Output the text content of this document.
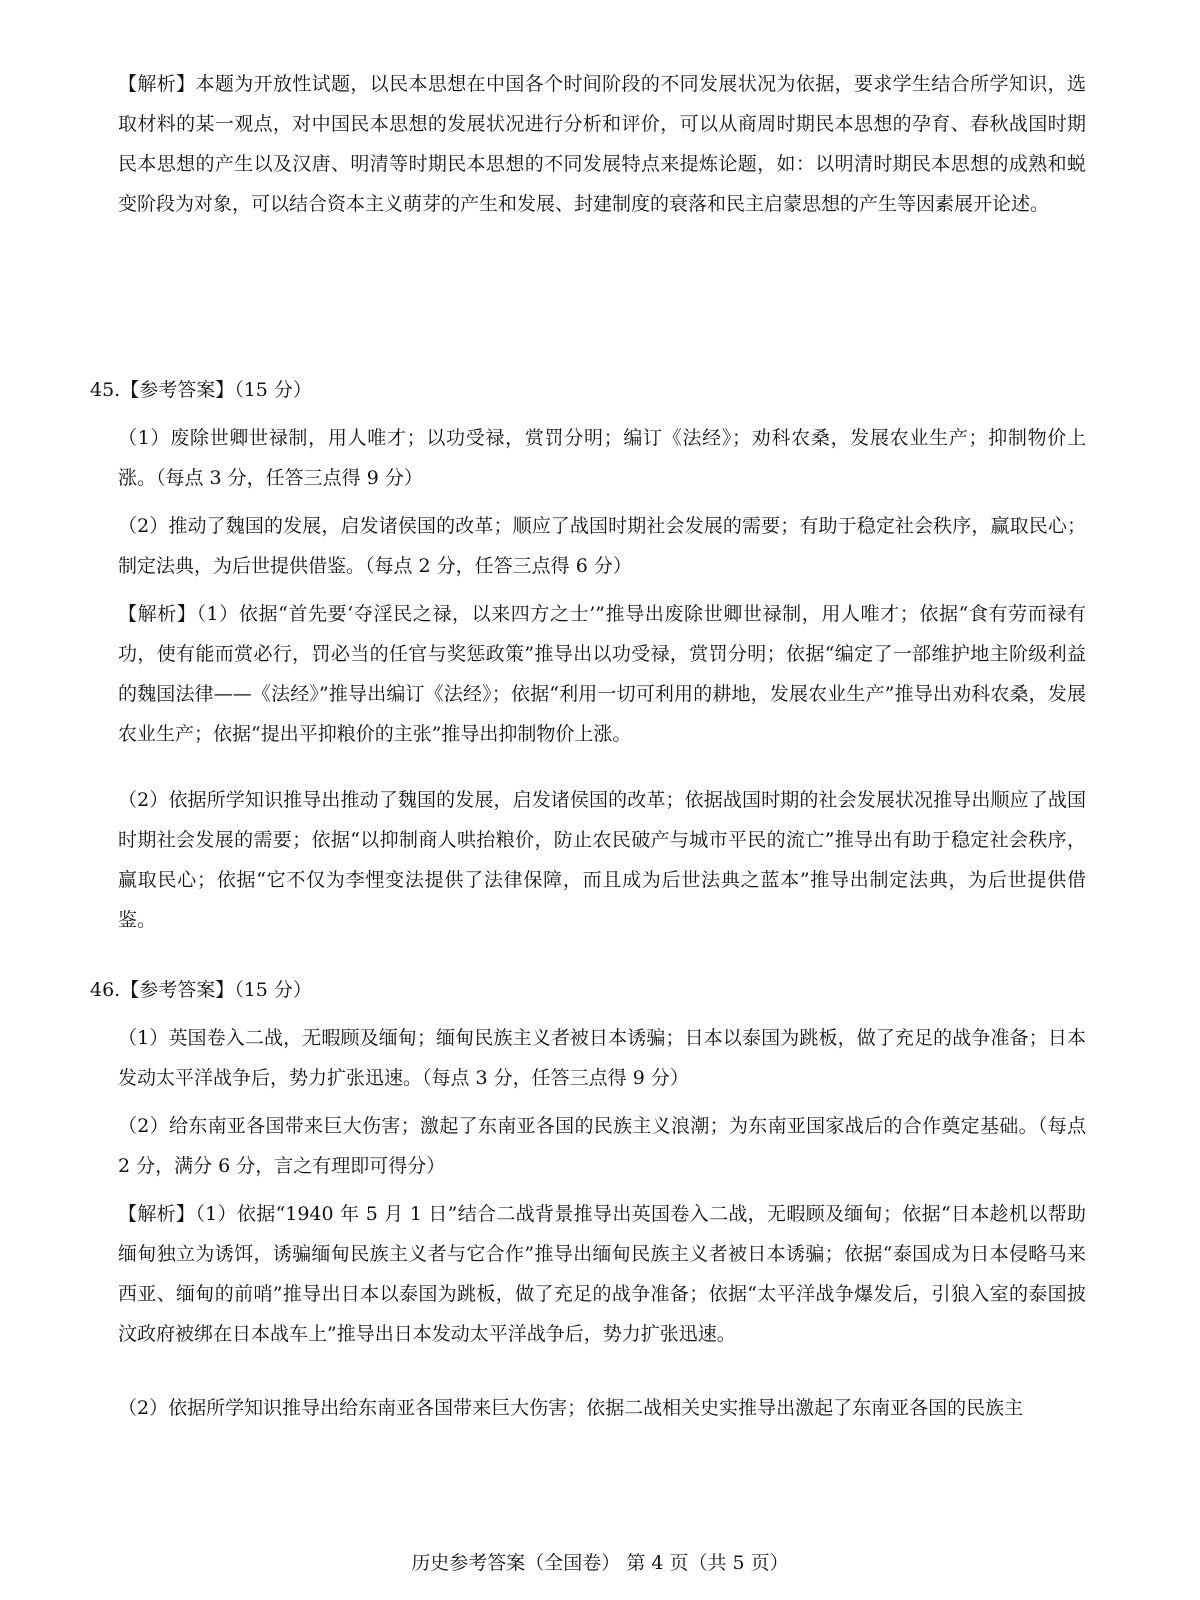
【解析】本题为开放性试题，以民本思想在中国各个时间阶段的不同发展状况为依据，要求学生结合所学知识，选取材料的某一观点，对中国民本思想的发展状况进行分析和评价，可以从商周时期民本思想的孕育、春秋战国时期民本思想的产生以及汉唐、明清等时期民本思想的不同发展特点来提炼论题，如：以明清时期民本思想的成熟和蜕变阶段为对象，可以结合资本主义萌芽的产生和发展、封建制度的衰落和民主启蒙思想的产生等因素展开论述。
45.【参考答案】（15 分）
（1）废除世卿世禄制，用人唯才；以功受禄，赏罚分明；编订《法经》；劝科农桑，发展农业生产；抑制物价上涨。（每点 3 分，任答三点得 9 分）
（2）推动了魏国的发展，启发诸侯国的改革；顺应了战国时期社会发展的需要；有助于稳定社会秩序，赢取民心；制定法典，为后世提供借鉴。（每点 2 分，任答三点得 6 分）
【解析】（1）依据“首先要‘夺淫民之禄，以来四方之士’”推导出废除世卿世禄制，用人唯才；依据“食有劳而禄有功，使有能而赏必行，罚必当的任官与奖惩政策”推导出以功受禄，赏罚分明；依据“编定了一部维护地主阶级利益的魏国法律——《法经》”推导出编订《法经》；依据“利用一切可利用的耕地，发展农业生产”推导出劝科农桑，发展农业生产；依据“提出平抑粮价的主张”推导出抑制物价上涨。
（2）依据所学知识推导出推动了魏国的发展，启发诸侯国的改革；依据战国时期的社会发展状况推导出顺应了战国时期社会发展的需要；依据“以抑制商人哄抬粮价，防止农民破产与城市平民的流亡”推导出有助于稳定社会秩序，赢取民心；依据“它不仅为李悝变法提供了法律保障，而且成为后世法典之蓝本”推导出制定法典，为后世提供借鉴。
46.【参考答案】（15 分）
（1）英国卷入二战，无暇顾及缅甸；缅甸民族主义者被日本诱骗；日本以泰国为跳板，做了充足的战争准备；日本发动太平洋战争后，势力扩张迅速。（每点 3 分，任答三点得 9 分）
（2）给东南亚各国带来巨大伤害；激起了东南亚各国的民族主义浪潮；为东南亚国家战后的合作奠定基础。（每点 2 分，满分 6 分，言之有理即可得分）
【解析】（1）依据“1940 年 5 月 1 日”结合二战背景推导出英国卷入二战，无暇顾及缅甸；依据“日本趁机以帮助缅甸独立为诱饵，诱骗缅甸民族主义者与它合作”推导出缅甸民族主义者被日本诱骗；依据“泰国成为日本侵略马来西亚、缅甸的前哨”推导出日本以泰国为跳板，做了充足的战争准备；依据“太平洋战争爆发后，引狼入室的泰国披汶政府被绑在日本战车上”推导出日本发动太平洋战争后，势力扩张迅速。
（2）依据所学知识推导出给东南亚各国带来巨大伤害；依据二战相关史实推导出激起了东南亚各国的民族主
历史参考答案（全国卷） 第 4 页（共 5 页）
